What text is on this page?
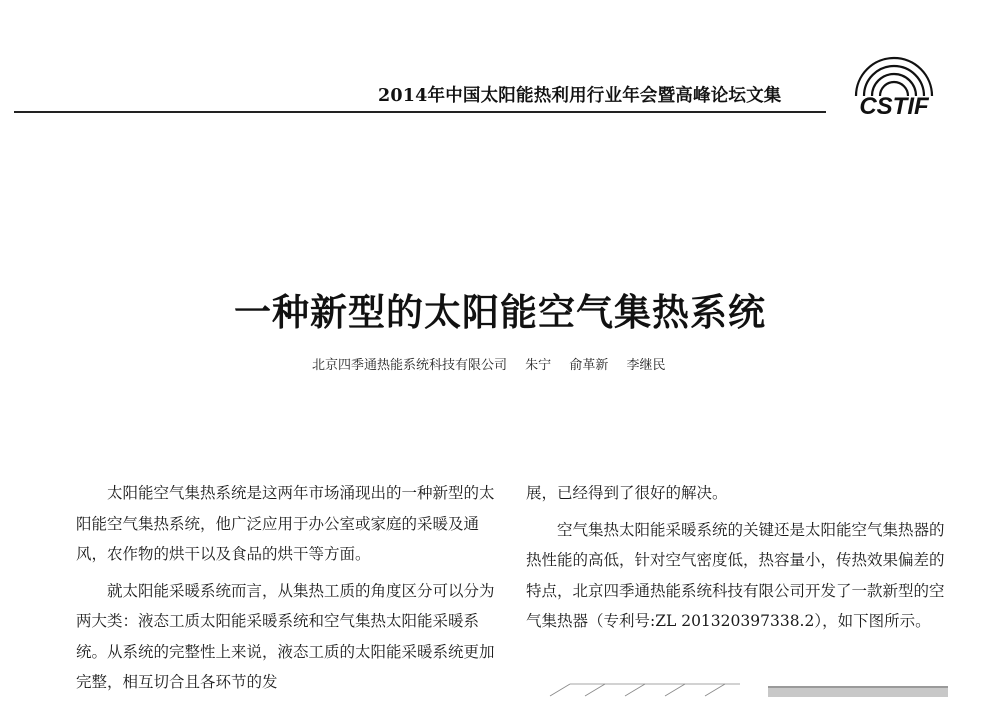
2014年中国太阳能热利用行业年会暨高峰论坛文集	CSTIF
一种新型的太阳能空气集热系统
北京四季通热能系统科技有限公司 朱宁 俞革新 李继民

太阳能空气集热系统是这两年市场涌现出的一种新型的太阳能空气集热系统，他广泛应用于办公室或家庭的采暖及通风，农作物的烘干以及食品的烘干等方面。

就太阳能采暖系统而言，从集热工质的角度区分可以分为两大类：液态工质太阳能采暖系统和空气集热太阳能采暖系统。从系统的完整性上来说，液态工质的太阳能采暖系统更加完整，相互切合且各环节的发

展，已经得到了很好的解决。

空气集热太阳能采暖系统的关键还是太阳能空气集热器的热性能的高低，针对空气密度低，热容量小，传热效果偏差的特点，北京四季通热能系统科技有限公司开发了一款新型的空气集热器（专利号:ZL 201320397338.2），如下图所示。
